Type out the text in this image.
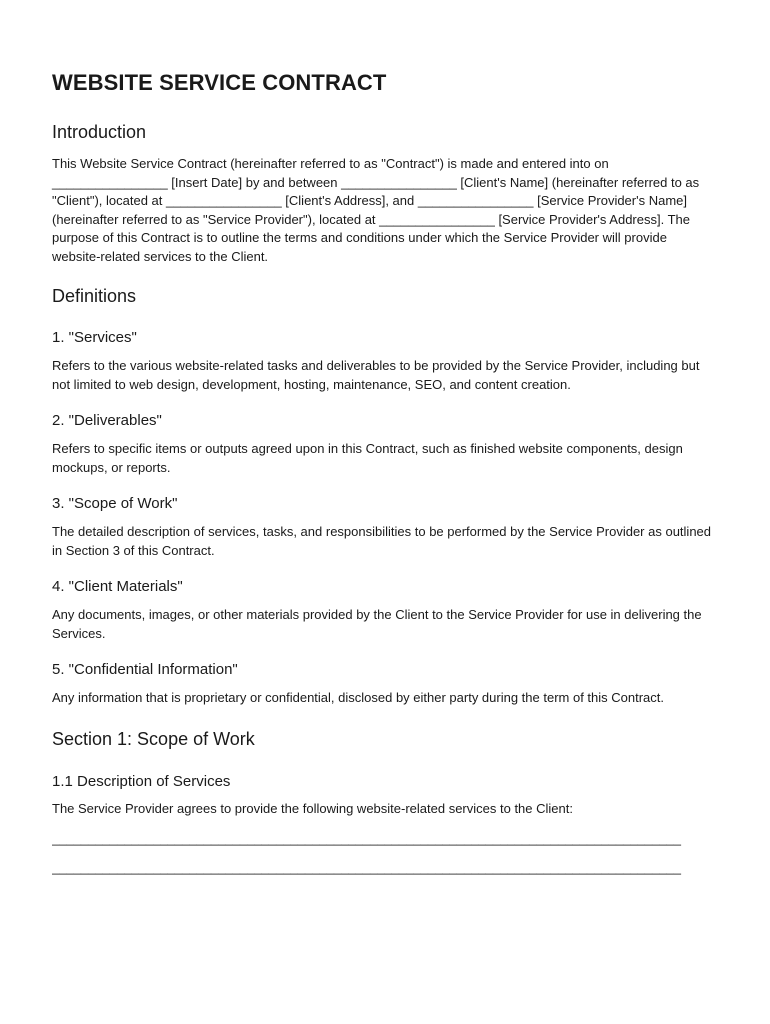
WEBSITE SERVICE CONTRACT
Introduction

This Website Service Contract (hereinafter referred to as "Contract") is made and entered into on ________________ [Insert Date] by and between ________________ [Client's Name] (hereinafter referred to as "Client"), located at ________________ [Client's Address], and ________________ [Service Provider's Name] (hereinafter referred to as "Service Provider"), located at ________________ [Service Provider's Address]. The purpose of this Contract is to outline the terms and conditions under which the Service Provider will provide website-related services to the Client.

Definitions
1. "Services"

Refers to the various website-related tasks and deliverables to be provided by the Service Provider, including but not limited to web design, development, hosting, maintenance, SEO, and content creation.

2. "Deliverables"

Refers to specific items or outputs agreed upon in this Contract, such as finished website components, design mockups, or reports.

3. "Scope of Work"

The detailed description of services, tasks, and responsibilities to be performed by the Service Provider as outlined in Section 3 of this Contract.

4. "Client Materials"

Any documents, images, or other materials provided by the Client to the Service Provider for use in delivering the Services.

5. "Confidential Information"

Any information that is proprietary or confidential, disclosed by either party during the term of this Contract.

Section 1: Scope of Work
1.1 Description of Services

The Service Provider agrees to provide the following website-related services to the Client:

_______________________________________________________________________________________
_______________________________________________________________________________________
